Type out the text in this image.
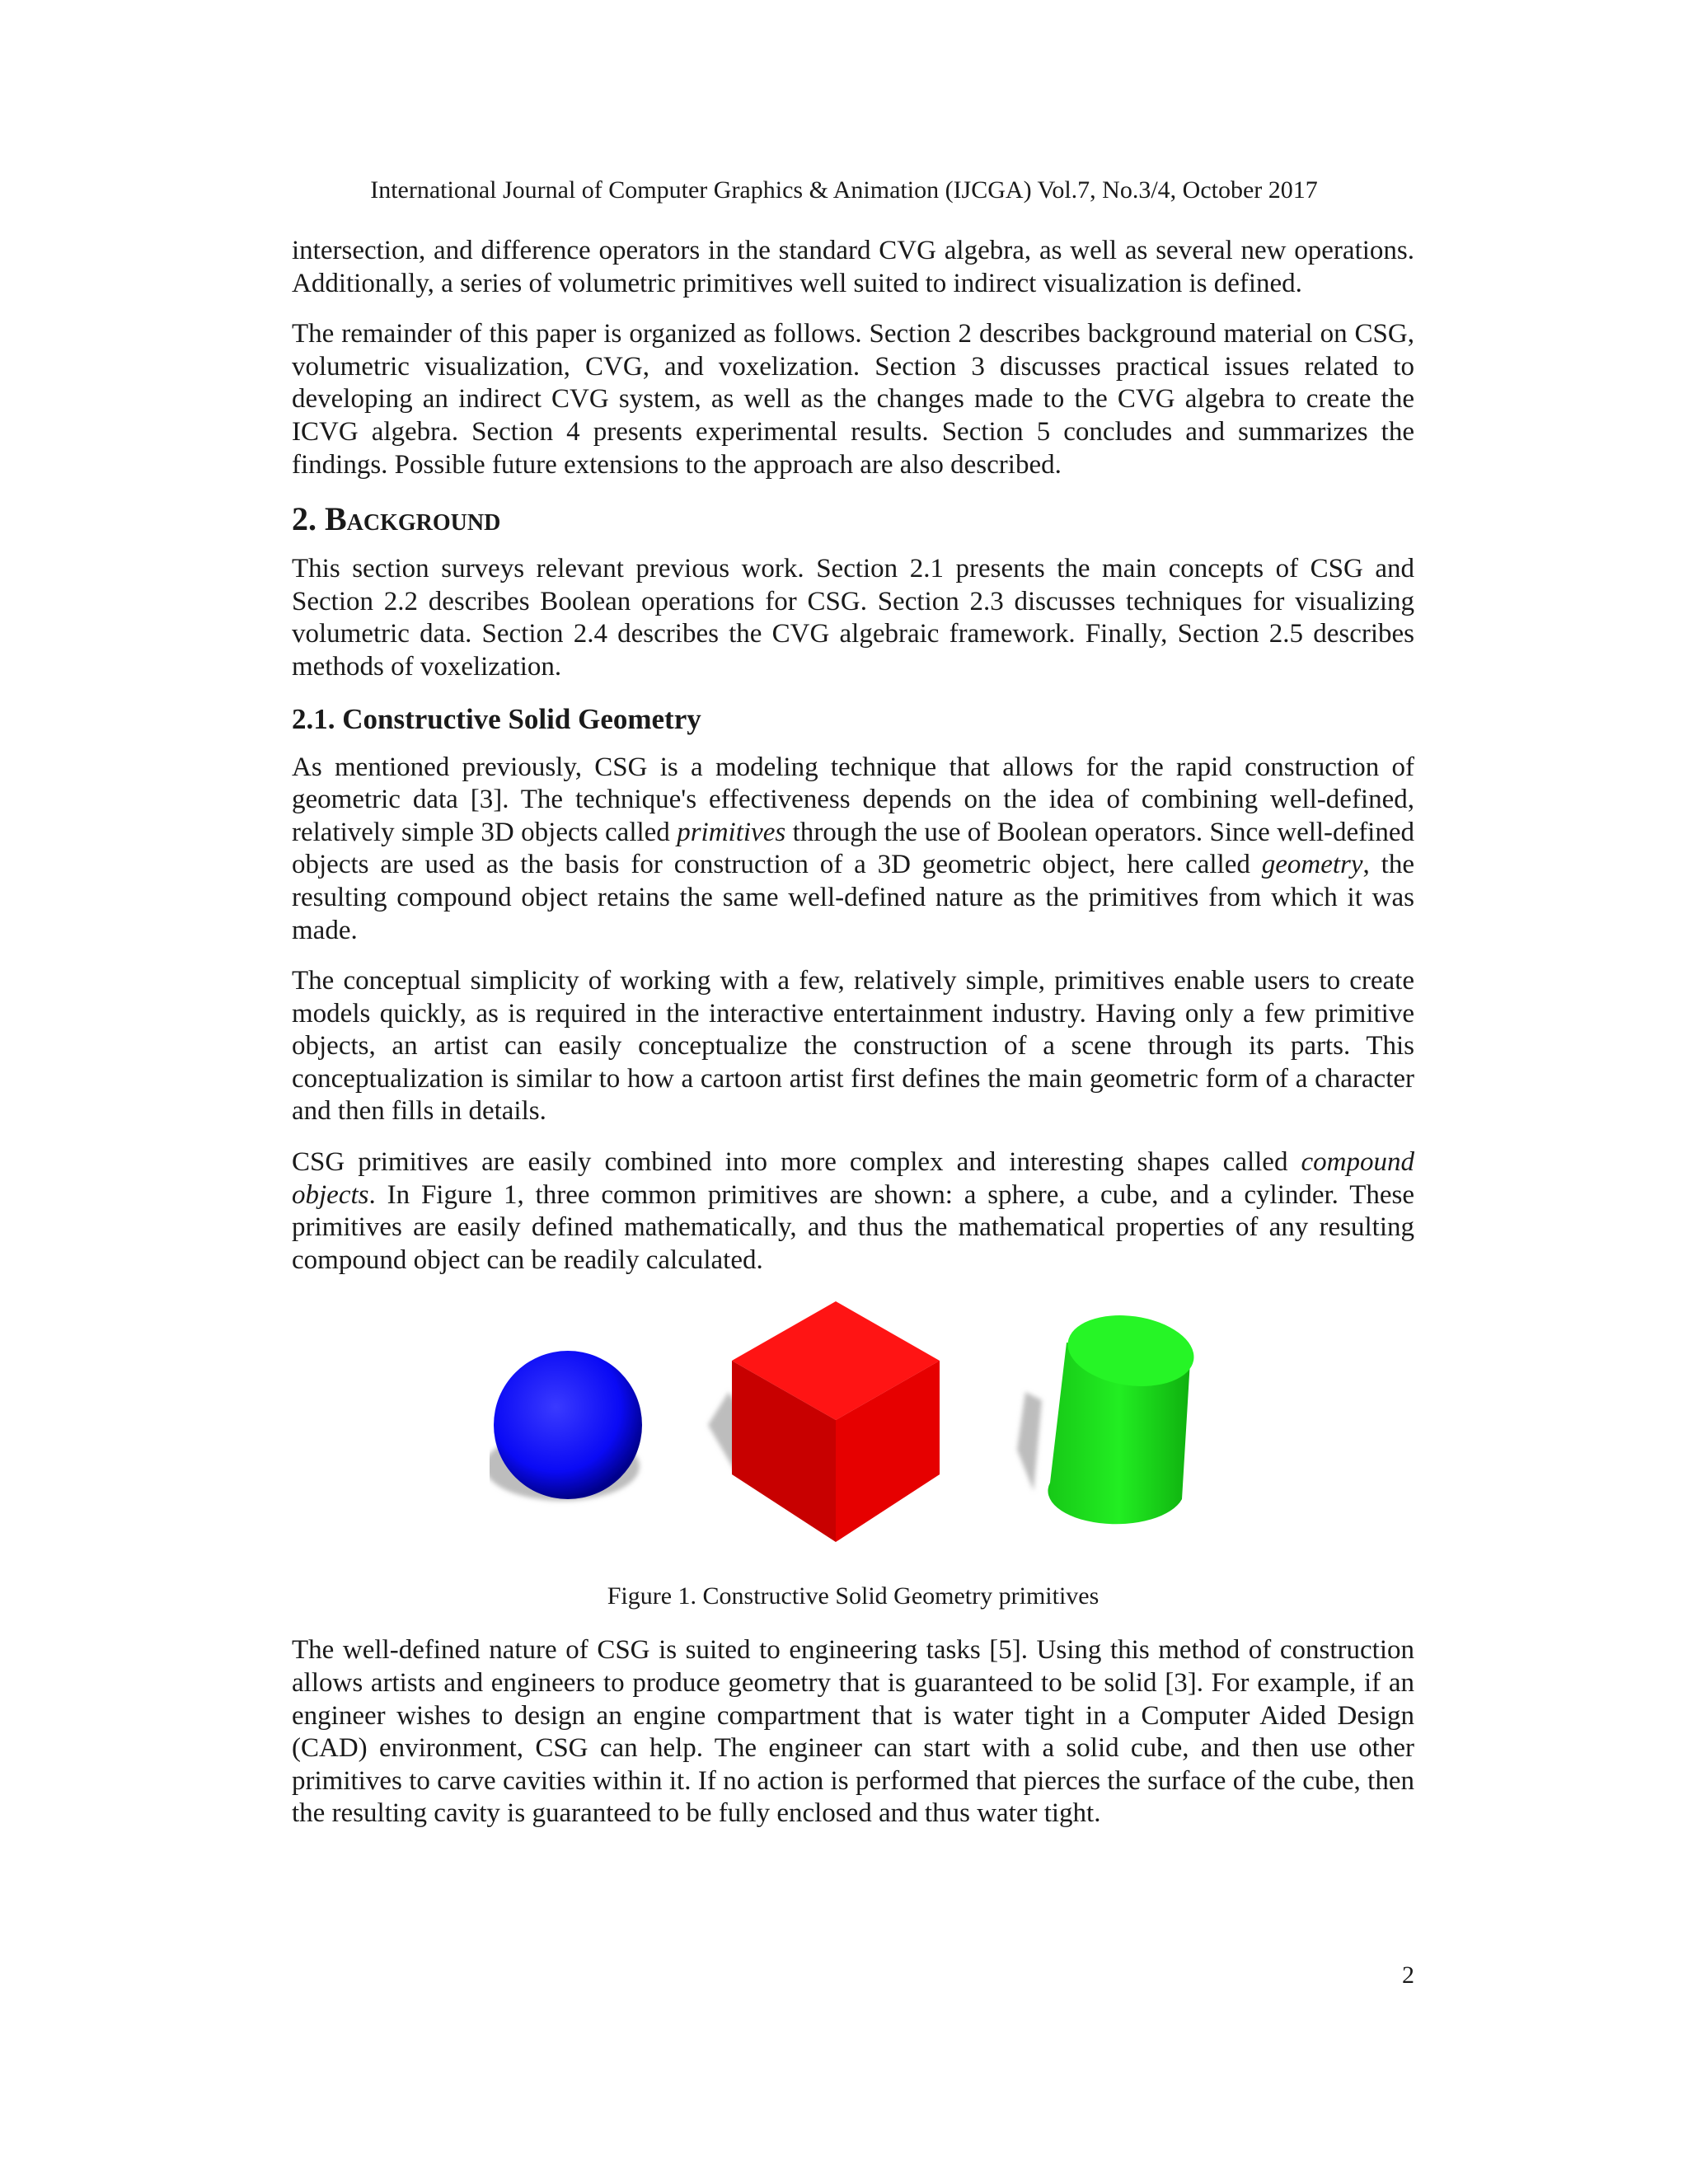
International Journal of Computer Graphics & Animation (IJCGA) Vol.7, No.3/4, October 2017

intersection, and difference operators in the standard CVG algebra, as well as several new operations. Additionally, a series of volumetric primitives well suited to indirect visualization is defined.

The remainder of this paper is organized as follows. Section 2 describes background material on CSG, volumetric visualization, CVG, and voxelization. Section 3 discusses practical issues related to developing an indirect CVG system, as well as the changes made to the CVG algebra to create the ICVG algebra. Section 4 presents experimental results. Section 5 concludes and summarizes the findings. Possible future extensions to the approach are also described.

2. Background

This section surveys relevant previous work. Section 2.1 presents the main concepts of CSG and Section 2.2 describes Boolean operations for CSG. Section 2.3 discusses techniques for visualizing volumetric data. Section 2.4 describes the CVG algebraic framework. Finally, Section 2.5 describes methods of voxelization.

2.1. Constructive Solid Geometry

As mentioned previously, CSG is a modeling technique that allows for the rapid construction of geometric data [3]. The technique's effectiveness depends on the idea of combining well-defined, relatively simple 3D objects called primitives through the use of Boolean operators. Since well-defined objects are used as the basis for construction of a 3D geometric object, here called geometry, the resulting compound object retains the same well-defined nature as the primitives from which it was made.

The conceptual simplicity of working with a few, relatively simple, primitives enable users to create models quickly, as is required in the interactive entertainment industry. Having only a few primitive objects, an artist can easily conceptualize the construction of a scene through its parts. This conceptualization is similar to how a cartoon artist first defines the main geometric form of a character and then fills in details.

CSG primitives are easily combined into more complex and interesting shapes called compound objects. In Figure 1, three common primitives are shown: a sphere, a cube, and a cylinder. These primitives are easily defined mathematically, and thus the mathematical properties of any resulting compound object can be readily calculated.

Figure 1. Constructive Solid Geometry primitives

The well-defined nature of CSG is suited to engineering tasks [5]. Using this method of construction allows artists and engineers to produce geometry that is guaranteed to be solid [3]. For example, if an engineer wishes to design an engine compartment that is water tight in a Computer Aided Design (CAD) environment, CSG can help. The engineer can start with a solid cube, and then use other primitives to carve cavities within it. If no action is performed that pierces the surface of the cube, then the resulting cavity is guaranteed to be fully enclosed and thus water tight.

2
